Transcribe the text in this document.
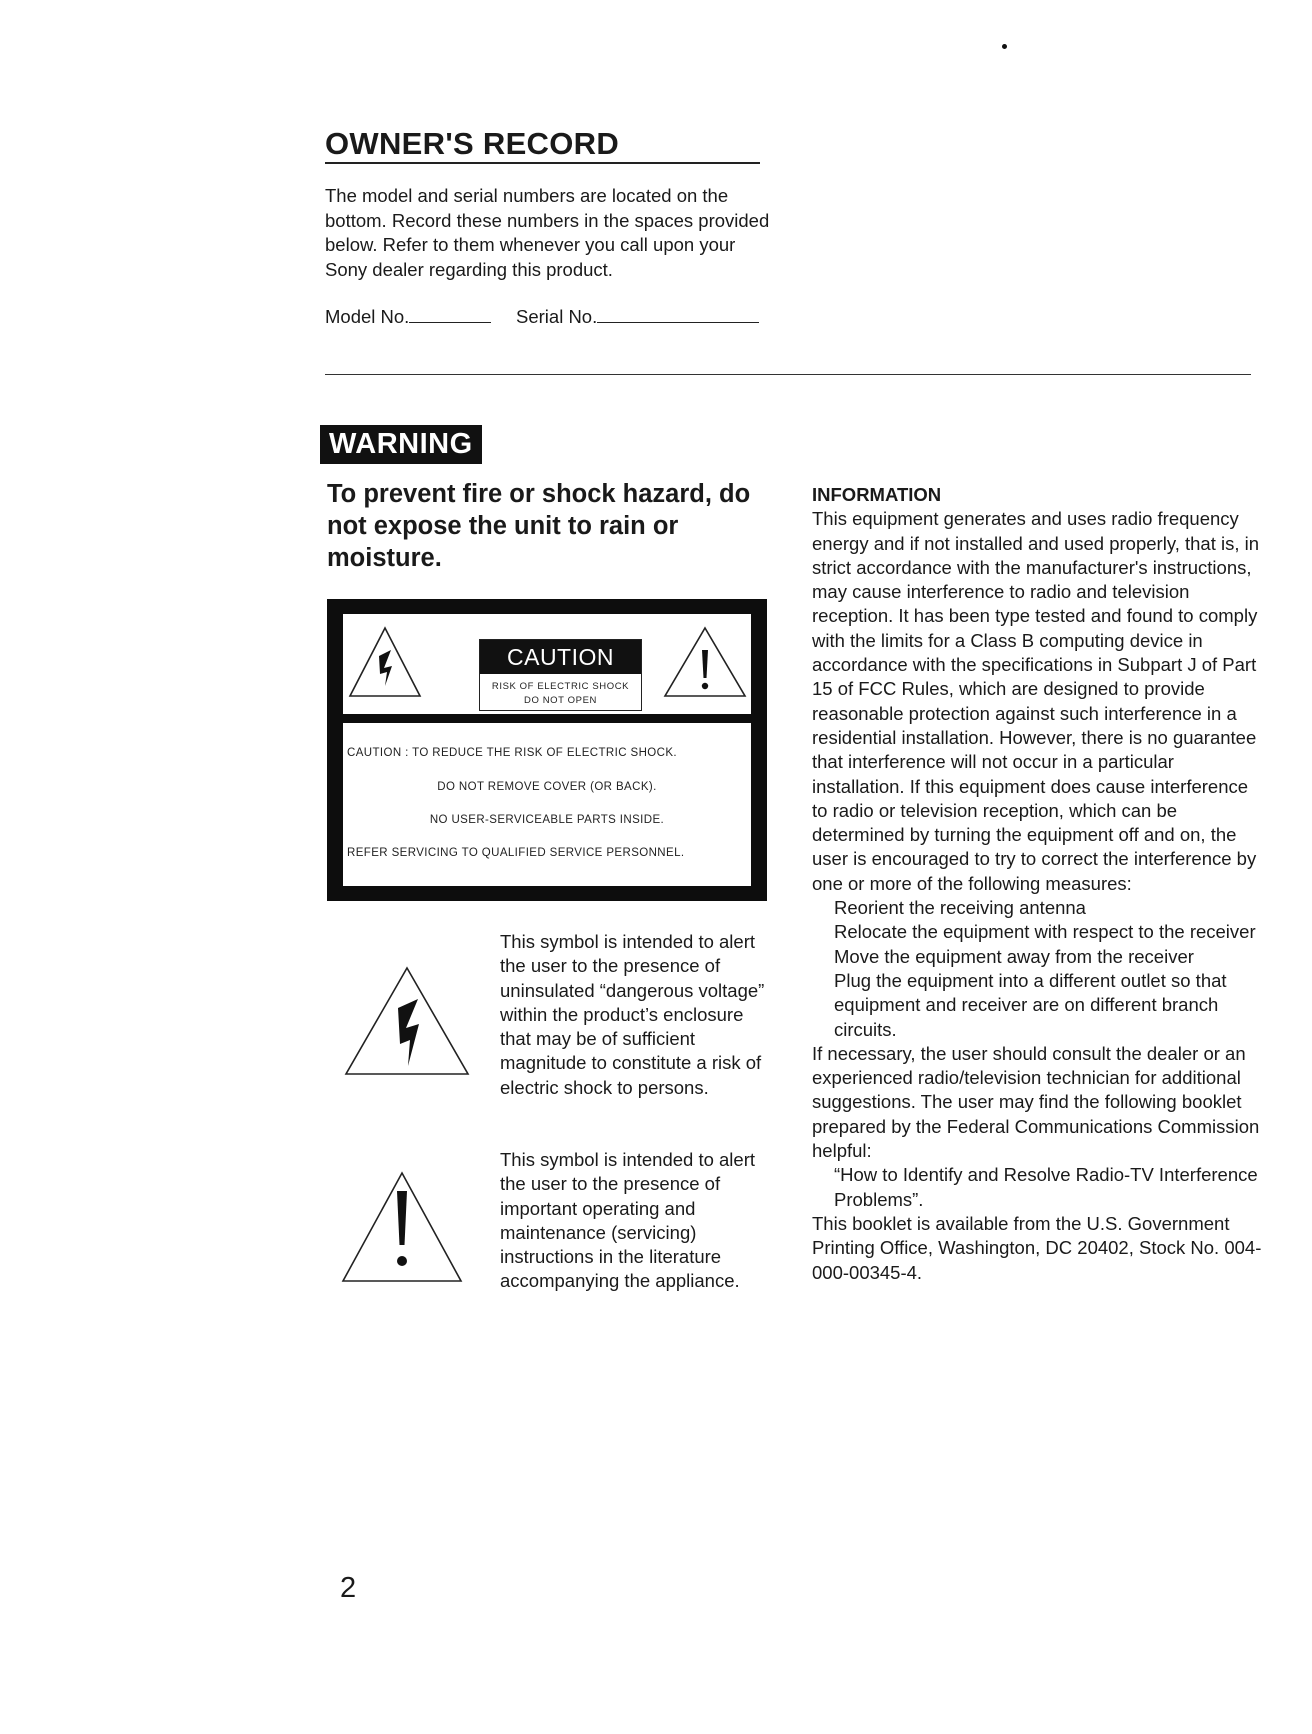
OWNER'S RECORD

The model and serial numbers are located on the bottom. Record these numbers in the spaces provided below. Refer to them whenever you call upon your Sony dealer regarding this product.

Model No.	Serial No.
WARNING
To prevent fire or shock hazard, do not expose the unit to rain or moisture.
CAUTION
RISK OF ELECTRIC SHOCK
DO NOT OPEN
CAUTION : TO REDUCE THE RISK OF ELECTRIC SHOCK.
DO NOT REMOVE COVER (OR BACK).
NO USER-SERVICEABLE PARTS INSIDE.
REFER SERVICING TO QUALIFIED SERVICE PERSONNEL.

This symbol is intended to alert the user to the presence of uninsulated “dangerous voltage” within the product’s enclosure that may be of sufficient magnitude to constitute a risk of electric shock to persons.

This symbol is intended to alert the user to the presence of important operating and maintenance (servicing) instructions in the literature accompanying the appliance.

INFORMATION

This equipment generates and uses radio frequency energy and if not installed and used properly, that is, in strict accordance with the manufacturer's instructions, may cause interference to radio and television reception. It has been type tested and found to comply with the limits for a Class B computing device in accordance with the specifications in Subpart J of Part 15 of FCC Rules, which are designed to provide reasonable protection against such interference in a residential installation. However, there is no guarantee that interference will not occur in a particular installation. If this equipment does cause interference to radio or television reception, which can be determined by turning the equipment off and on, the user is encouraged to try to correct the interference by one or more of the following measures:

Reorient the receiving antenna
Relocate the equipment with respect to the receiver
Move the equipment away from the receiver
Plug the equipment into a different outlet so that equipment and receiver are on different branch circuits.

If necessary, the user should consult the dealer or an experienced radio/television technician for additional suggestions. The user may find the following booklet prepared by the Federal Communications Commission helpful:

“How to Identify and Resolve Radio-TV Interference Problems”.

This booklet is available from the U.S. Government Printing Office, Washington, DC 20402, Stock No. 004-000-00345-4.

2
